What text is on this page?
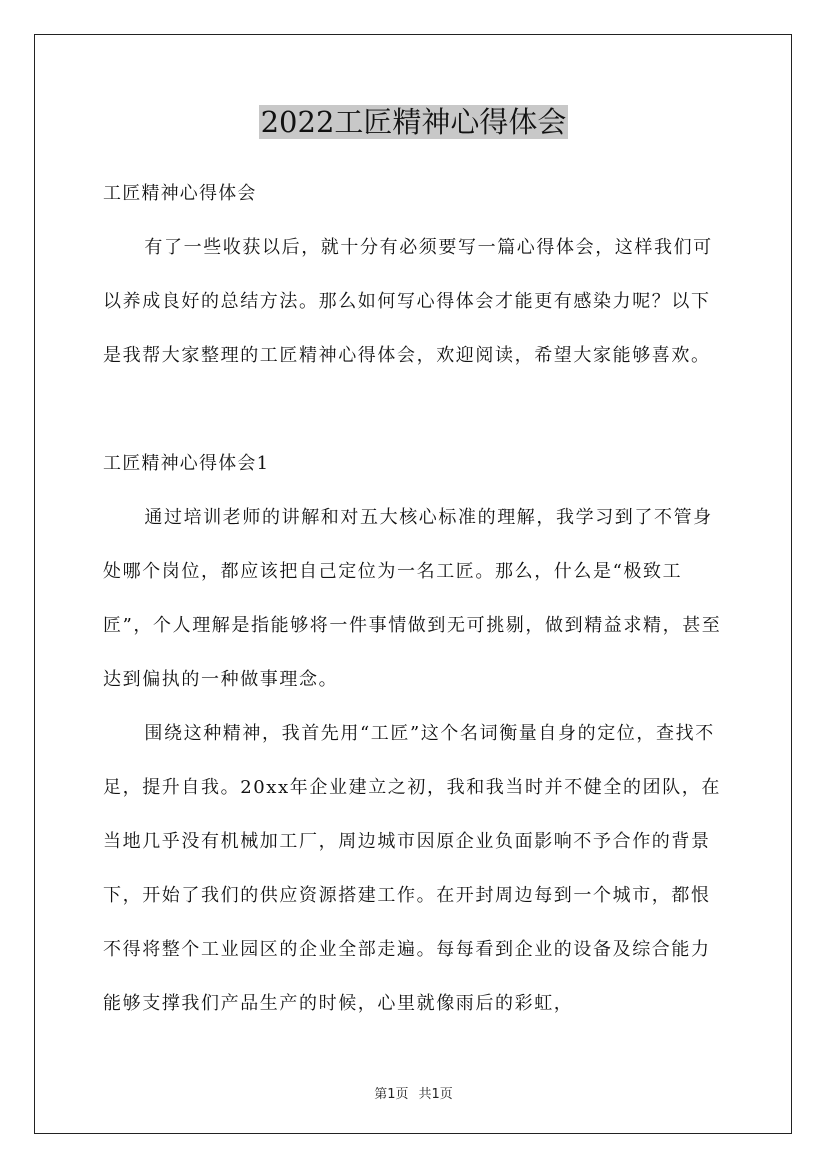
2022工匠精神心得体会

工匠精神心得体会

有了一些收获以后，就十分有必须要写一篇心得体会，这样我们可以养成良好的总结方法。那么如何写心得体会才能更有感染力呢？以下是我帮大家整理的工匠精神心得体会，欢迎阅读，希望大家能够喜欢。

工匠精神心得体会1

通过培训老师的讲解和对五大核心标准的理解，我学习到了不管身处哪个岗位，都应该把自己定位为一名工匠。那么，什么是“极致工匠”，个人理解是指能够将一件事情做到无可挑剔，做到精益求精，甚至达到偏执的一种做事理念。

围绕这种精神，我首先用“工匠”这个名词衡量自身的定位，查找不足，提升自我。20xx年企业建立之初，我和我当时并不健全的团队，在当地几乎没有机械加工厂，周边城市因原企业负面影响不予合作的背景下，开始了我们的供应资源搭建工作。在开封周边每到一个城市，都恨不得将整个工业园区的企业全部走遍。每每看到企业的设备及综合能力能够支撑我们产品生产的时候，心里就像雨后的彩虹，

第1页 共1页
